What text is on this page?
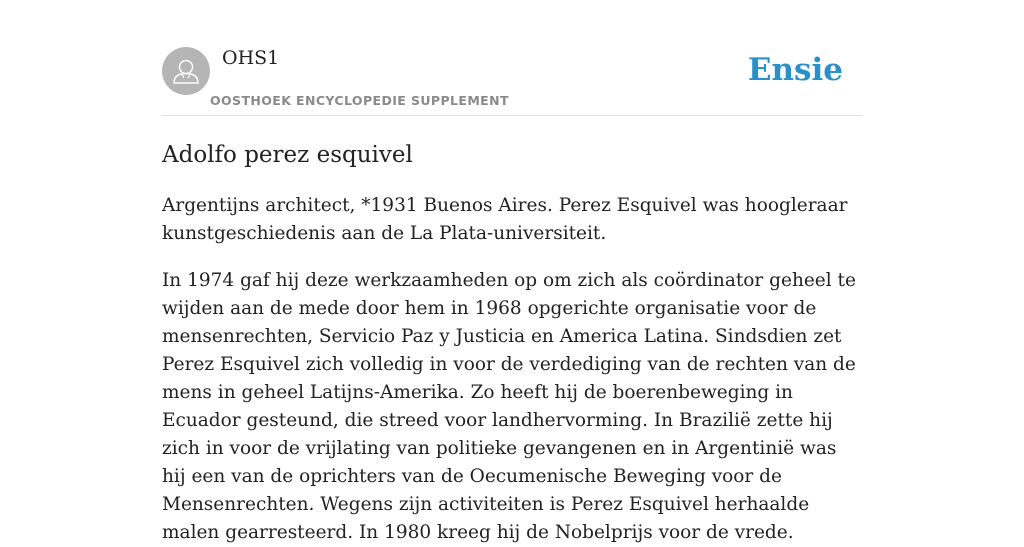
OHS1
OOSTHOEK ENCYCLOPEDIE SUPPLEMENT
Ensie
Adolfo perez esquivel

Argentijns architect, *1931 Buenos Aires. Perez Esquivel was hoogleraar kunstgeschiedenis aan de La Plata-universiteit.

In 1974 gaf hij deze werkzaamheden op om zich als coördinator geheel te wijden aan de mede door hem in 1968 opgerichte organisatie voor de mensenrechten, Servicio Paz y Justicia en America Latina. Sindsdien zet Perez Esquivel zich volledig in voor de verdediging van de rechten van de mens in geheel Latijns-Amerika. Zo heeft hij de boerenbeweging in Ecuador gesteund, die streed voor landhervorming. In Brazilië zette hij zich in voor de vrijlating van politieke gevangenen en in Argentinië was hij een van de oprichters van de Oecumenische Beweging voor de Mensenrechten. Wegens zijn activiteiten is Perez Esquivel herhaalde malen gearresteerd. In 1980 kreeg hij de Nobelprijs voor de vrede.
